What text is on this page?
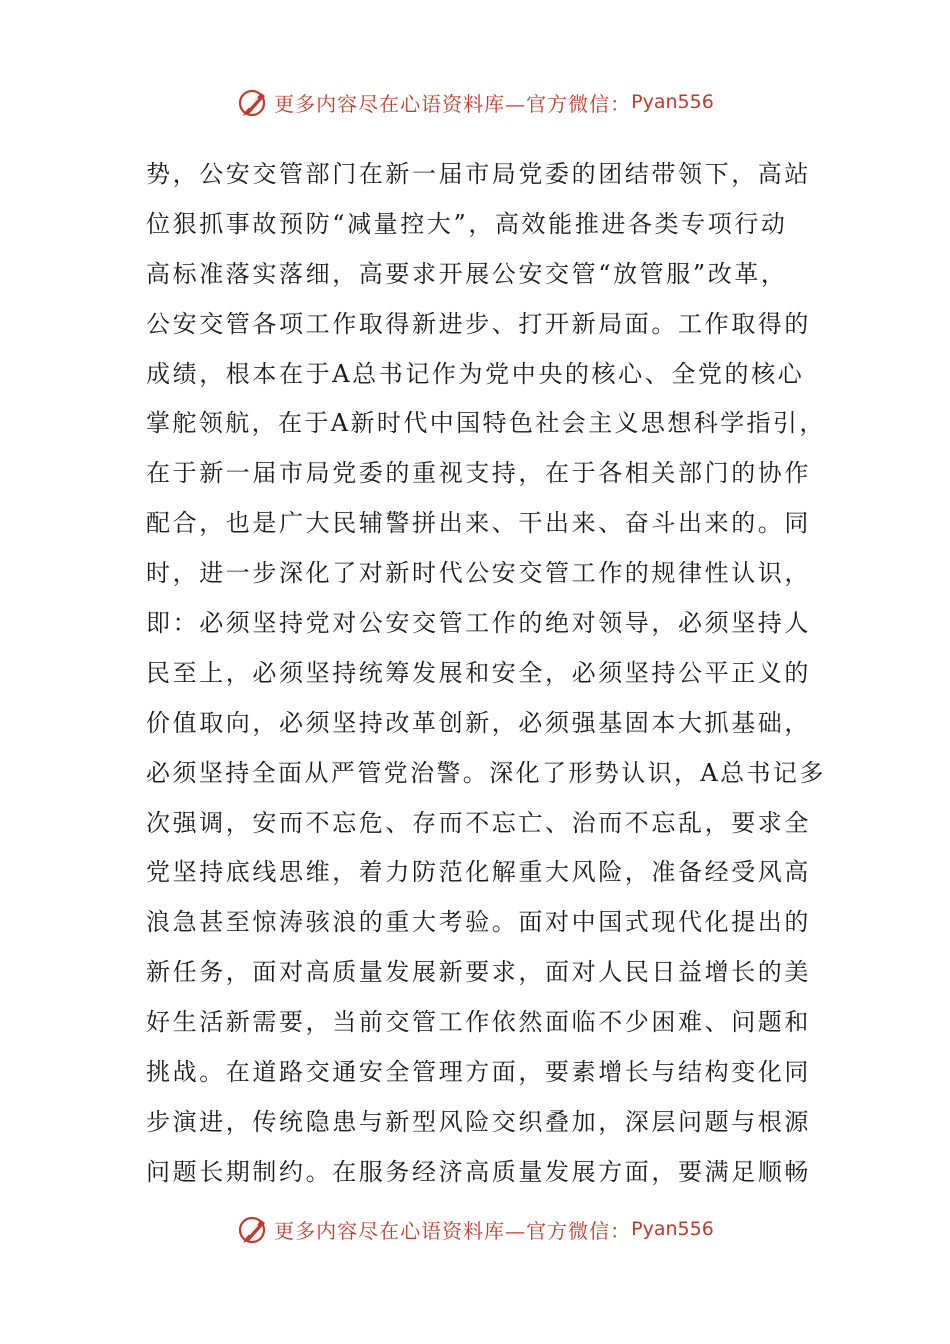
更多内容尽在心语资料库—官方微信： Pyan556
势，公安交管部门在新一届市局党委的团结带领下，高站
位狠抓事故预防“减量控大”，高效能推进各类专项行动
高标准落实落细，高要求开展公安交管“放管服”改革，
公安交管各项工作取得新进步、打开新局面。工作取得的
成绩，根本在于A总书记作为党中央的核心、全党的核心
掌舵领航，在于A新时代中国特色社会主义思想科学指引，
在于新一届市局党委的重视支持，在于各相关部门的协作
配合，也是广大民辅警拼出来、干出来、奋斗出来的。同
时，进一步深化了对新时代公安交管工作的规律性认识，
即：必须坚持党对公安交管工作的绝对领导，必须坚持人
民至上，必须坚持统筹发展和安全，必须坚持公平正义的
价值取向，必须坚持改革创新，必须强基固本大抓基础，
必须坚持全面从严管党治警。深化了形势认识，A总书记多
次强调，安而不忘危、存而不忘亡、治而不忘乱，要求全
党坚持底线思维，着力防范化解重大风险，准备经受风高
浪急甚至惊涛骇浪的重大考验。面对中国式现代化提出的
新任务，面对高质量发展新要求，面对人民日益增长的美
好生活新需要，当前交管工作依然面临不少困难、问题和
挑战。在道路交通安全管理方面，要素增长与结构变化同
步演进，传统隐患与新型风险交织叠加，深层问题与根源
问题长期制约。在服务经济高质量发展方面，要满足顺畅
更多内容尽在心语资料库—官方微信： Pyan556
